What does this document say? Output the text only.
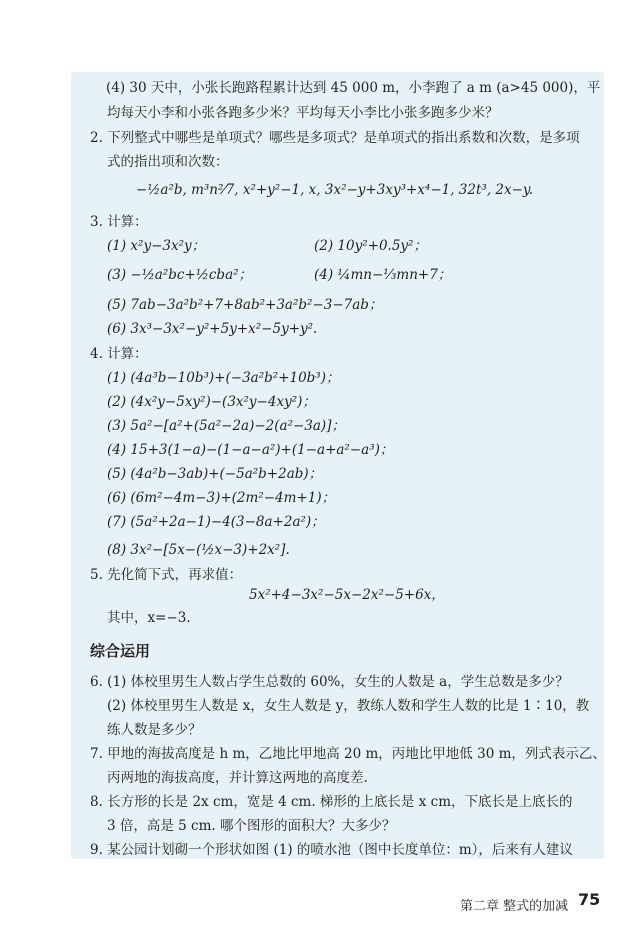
(4) 30 天中，小张长跑路程累计达到 45 000 m，小李跑了 a m (a>45 000)，平
均每天小李和小张各跑多少米？平均每天小李比小张多跑多少米？
2. 下列整式中哪些是单项式？哪些是多项式？是单项式的指出系数和次数，是多项
式的指出项和次数：
−½a²b, m³n²⁄7, x²+y²−1, x, 3x²−y+3xy³+x⁴−1, 32t³, 2x−y.
3. 计算：
(1) x²y−3x²y；	(2) 10y²+0.5y²；
(3) −½a²bc+½cba²；	(4) ¼mn−⅓mn+7；
(5) 7ab−3a²b²+7+8ab²+3a²b²−3−7ab；
(6) 3x³−3x²−y²+5y+x²−5y+y².
4. 计算：
(1) (4a³b−10b³)+(−3a²b²+10b³)；
(2) (4x²y−5xy²)−(3x²y−4xy²)；
(3) 5a²−[a²+(5a²−2a)−2(a²−3a)]；
(4) 15+3(1−a)−(1−a−a²)+(1−a+a²−a³)；
(5) (4a²b−3ab)+(−5a²b+2ab)；
(6) (6m²−4m−3)+(2m²−4m+1)；
(7) (5a²+2a−1)−4(3−8a+2a²)；
(8) 3x²−[5x−(½x−3)+2x²].
5. 先化简下式，再求值：
5x²+4−3x²−5x−2x²−5+6x，
其中，x=−3.
综合运用
6. (1) 体校里男生人数占学生总数的 60%，女生的人数是 a，学生总数是多少？
(2) 体校里男生人数是 x，女生人数是 y，教练人数和学生人数的比是 1∶10，教
练人数是多少？
7. 甲地的海拔高度是 h m，乙地比甲地高 20 m，丙地比甲地低 30 m，列式表示乙、
丙两地的海拔高度，并计算这两地的高度差.
8. 长方形的长是 2x cm，宽是 4 cm. 梯形的上底长是 x cm，下底长是上底长的
3 倍，高是 5 cm. 哪个图形的面积大？大多少？
9. 某公园计划砌一个形状如图 (1) 的喷水池（图中长度单位：m），后来有人建议
第二章 整式的加减 75
